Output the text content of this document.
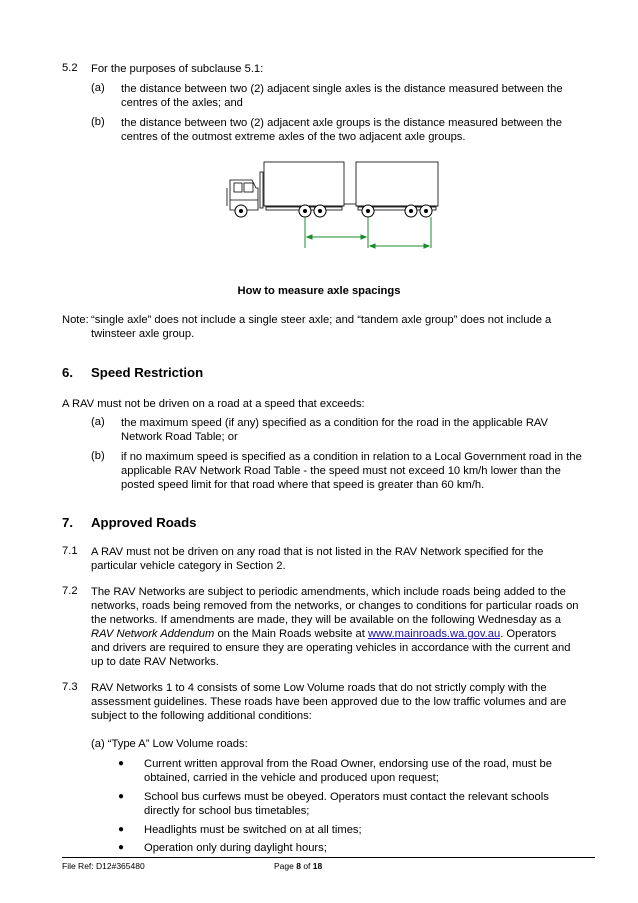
5.2 For the purposes of subclause 5.1:
(a) the distance between two (2) adjacent single axles is the distance measured between the
centres of the axles; and
(b) the distance between two (2) adjacent axle groups is the distance measured between the
centres of the outmost extreme axles of the two adjacent axle groups.
How to measure axle spacings
Note: “single axle” does not include a single steer axle; and “tandem axle group” does not include a
twinsteer axle group.
6. Speed Restriction
A RAV must not be driven on a road at a speed that exceeds:
(a) the maximum speed (if any) specified as a condition for the road in the applicable RAV
Network Road Table; or
(b) if no maximum speed is specified as a condition in relation to a Local Government road in the
applicable RAV Network Road Table - the speed must not exceed 10 km/h lower than the
posted speed limit for that road where that speed is greater than 60 km/h.
7. Approved Roads
7.1 A RAV must not be driven on any road that is not listed in the RAV Network specified for the
particular vehicle category in Section 2.
7.2 The RAV Networks are subject to periodic amendments, which include roads being added to the
networks, roads being removed from the networks, or changes to conditions for particular roads on
the networks. If amendments are made, they will be available on the following Wednesday as a
RAV Network Addendum on the Main Roads website at www.mainroads.wa.gov.au. Operators
and drivers are required to ensure they are operating vehicles in accordance with the current and
up to date RAV Networks.
7.3 RAV Networks 1 to 4 consists of some Low Volume roads that do not strictly comply with the
assessment guidelines. These roads have been approved due to the low traffic volumes and are
subject to the following additional conditions:
(a) “Type A” Low Volume roads:
● Current written approval from the Road Owner, endorsing use of the road, must be
obtained, carried in the vehicle and produced upon request;
● School bus curfews must be obeyed. Operators must contact the relevant schools
directly for school bus timetables;
● Headlights must be switched on at all times;
● Operation only during daylight hours;
File Ref: D12#365480	Page 8 of 18
